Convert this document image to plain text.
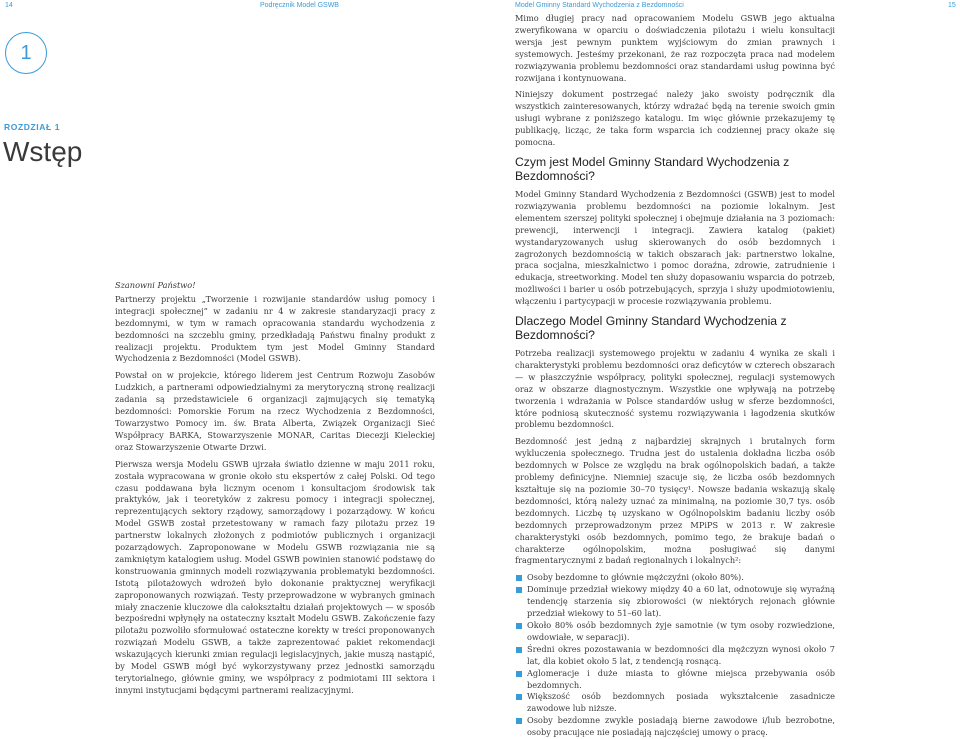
14	Podręcznik Model GSWB	Model Gminny Standard Wychodzenia z Bezdomności	15
1
ROZDZIAŁ 1
Wstęp

Szanowni Państwo!

Partnerzy projektu „Tworzenie i rozwijanie standardów usług pomocy i integracji społecznej” w zadaniu nr 4 w zakresie standaryzacji pracy z bezdomnymi, w tym w ramach opracowania standardu wychodzenia z bezdomności na szczeblu gminy, przedkładają Państwu finalny produkt z realizacji projektu. Produktem tym jest Model Gminny Standard Wychodzenia z Bezdomności (Model GSWB).

Powstał on w projekcie, którego liderem jest Centrum Rozwoju Zasobów Ludzkich, a partnerami odpowiedzialnymi za merytoryczną stronę realizacji zadania są przedstawiciele 6 organizacji zajmujących się tematyką bezdomności: Pomorskie Forum na rzecz Wychodzenia z Bezdomności, Towarzystwo Pomocy im. św. Brata Alberta, Związek Organizacji Sieć Współpracy BARKA, Stowarzyszenie MONAR, Caritas Diecezji Kieleckiej oraz Stowarzyszenie Otwarte Drzwi.

Pierwsza wersja Modelu GSWB ujrzała światło dzienne w maju 2011 roku, została wypracowana w gronie około stu ekspertów z całej Polski. Od tego czasu poddawana była licznym ocenom i konsultacjom środowisk tak praktyków, jak i teoretyków z zakresu pomocy i integracji społecznej, reprezentujących sektory rządowy, samorządowy i pozarządowy. W końcu Model GSWB został przetestowany w ramach fazy pilotażu przez 19 partnerstw lokalnych złożonych z podmiotów publicznych i organizacji pozarządowych. Zaproponowane w Modelu GSWB rozwiązania nie są zamkniętym katalogiem usług. Model GSWB powinien stanowić podstawę do konstruowania gminnych modeli rozwiązywania problematyki bezdomności. Istotą pilotażowych wdrożeń było dokonanie praktycznej weryfikacji zaproponowanych rozwiązań. Testy przeprowadzone w wybranych gminach miały znaczenie kluczowe dla całokształtu działań projektowych — w sposób bezpośredni wpłynęły na ostateczny kształt Modelu GSWB. Zakończenie fazy pilotażu pozwoliło sformułować ostateczne korekty w treści proponowanych rozwiązań Modelu GSWB, a także zaprezentować pakiet rekomendacji wskazujących kierunki zmian regulacji legislacyjnych, jakie muszą nastąpić, by Model GSWB mógł być wykorzystywany przez jednostki samorządu terytorialnego, głównie gminy, we współpracy z podmiotami III sektora i innymi instytucjami będącymi partnerami realizacyjnymi.

Mimo długiej pracy nad opracowaniem Modelu GSWB jego aktualna zweryfikowana w oparciu o doświadczenia pilotażu i wielu konsultacji wersja jest pewnym punktem wyjściowym do zmian prawnych i systemowych. Jesteśmy przekonani, że raz rozpoczęta praca nad modelem rozwiązywania problemu bezdomności oraz standardami usług powinna być rozwijana i kontynuowana.

Niniejszy dokument postrzegać należy jako swoisty podręcznik dla wszystkich zainteresowanych, którzy wdrażać będą na terenie swoich gmin usługi wybrane z poniższego katalogu. Im więc głównie przekazujemy tę publikację, licząc, że taka form wsparcia ich codziennej pracy okaże się pomocna.

Czym jest Model Gminny Standard Wychodzenia z Bezdomności?

Model Gminny Standard Wychodzenia z Bezdomności (GSWB) jest to model rozwiązywania problemu bezdomności na poziomie lokalnym. Jest elementem szerszej polityki społecznej i obejmuje działania na 3 poziomach: prewencji, interwencji i integracji. Zawiera katalog (pakiet) wystandaryzowanych usług skierowanych do osób bezdomnych i zagrożonych bezdomnością w takich obszarach jak: partnerstwo lokalne, praca socjalna, mieszkalnictwo i pomoc doraźna, zdrowie, zatrudnienie i edukacja, streetworking. Model ten służy dopasowaniu wsparcia do potrzeb, możliwości i barier u osób potrzebujących, sprzyja i służy upodmiotowieniu, włączeniu i partycypacji w procesie rozwiązywania problemu.

Dlaczego Model Gminny Standard Wychodzenia z Bezdomności?

Potrzeba realizacji systemowego projektu w zadaniu 4 wynika ze skali i charakterystyki problemu bezdomności oraz deficytów w czterech obszarach — w płaszczyźnie współpracy, polityki społecznej, regulacji systemowych oraz w obszarze diagnostycznym. Wszystkie one wpływają na potrzebę tworzenia i wdrażania w Polsce standardów usług w sferze bezdomności, które podniosą skuteczność systemu rozwiązywania i łagodzenia skutków problemu bezdomności.

Bezdomność jest jedną z najbardziej skrajnych i brutalnych form wykluczenia społecznego. Trudna jest do ustalenia dokładna liczba osób bezdomnych w Polsce ze względu na brak ogólnopolskich badań, a także problemy definicyjne. Niemniej szacuje się, że liczba osób bezdomnych kształtuje się na poziomie 30–70 tysięcy¹. Nowsze badania wskazują skalę bezdomności, którą należy uznać za minimalną, na poziomie 30,7 tys. osób bezdomnych. Liczbę tę uzyskano w Ogólnopolskim badaniu liczby osób bezdomnych przeprowadzonym przez MPiPS w 2013 r. W zakresie charakterystyki osób bezdomnych, pomimo tego, że brakuje badań o charakterze ogólnopolskim, można posługiwać się danymi fragmentarycznymi z badań regionalnych i lokalnych²:

Osoby bezdomne to głównie mężczyźni (około 80%).
Dominuje przedział wiekowy między 40 a 60 lat, odnotowuje się wyraźną tendencję starzenia się zbiorowości (w niektórych rejonach głównie przedział wiekowy to 51–60 lat).
Około 80% osób bezdomnych żyje samotnie (w tym osoby rozwiedzione, owdowiałe, w separacji).
Średni okres pozostawania w bezdomności dla mężczyzn wynosi około 7 lat, dla kobiet około 5 lat, z tendencją rosnącą.
Aglomeracje i duże miasta to główne miejsca przebywania osób bezdomnych.
Większość osób bezdomnych posiada wykształcenie zasadnicze zawodowe lub niższe.
Osoby bezdomne zwykle posiadają bierne zawodowe i/lub bezrobotne, osoby pracujące nie posiadają najczęściej umowy o pracę.
